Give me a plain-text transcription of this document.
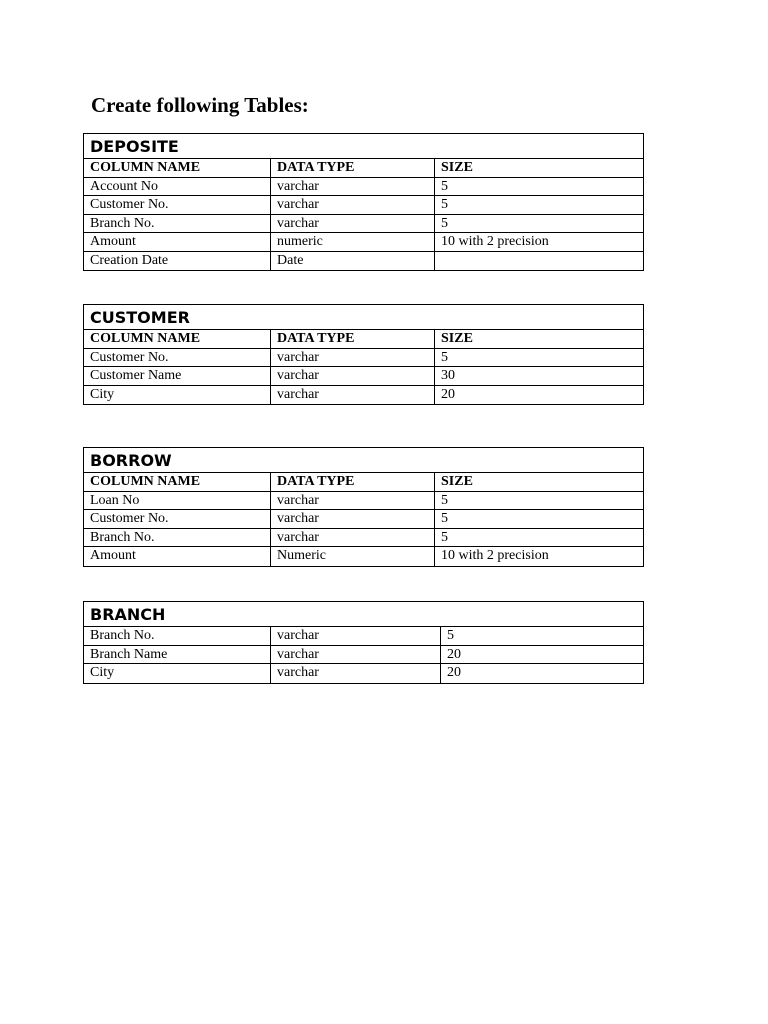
Create following Tables:
DEPOSITE
COLUMN NAME	DATA TYPE	SIZE
Account No	varchar	5
Customer No.	varchar	5
Branch No.	varchar	5
Amount	numeric	10 with 2 precision
Creation Date	Date
CUSTOMER
COLUMN NAME	DATA TYPE	SIZE
Customer No.	varchar	5
Customer Name	varchar	30
City	varchar	20
BORROW
COLUMN NAME	DATA TYPE	SIZE
Loan No	varchar	5
Customer No.	varchar	5
Branch No.	varchar	5
Amount	Numeric	10 with 2 precision
BRANCH
Branch No.	varchar	5
Branch Name	varchar	20
City	varchar	20
